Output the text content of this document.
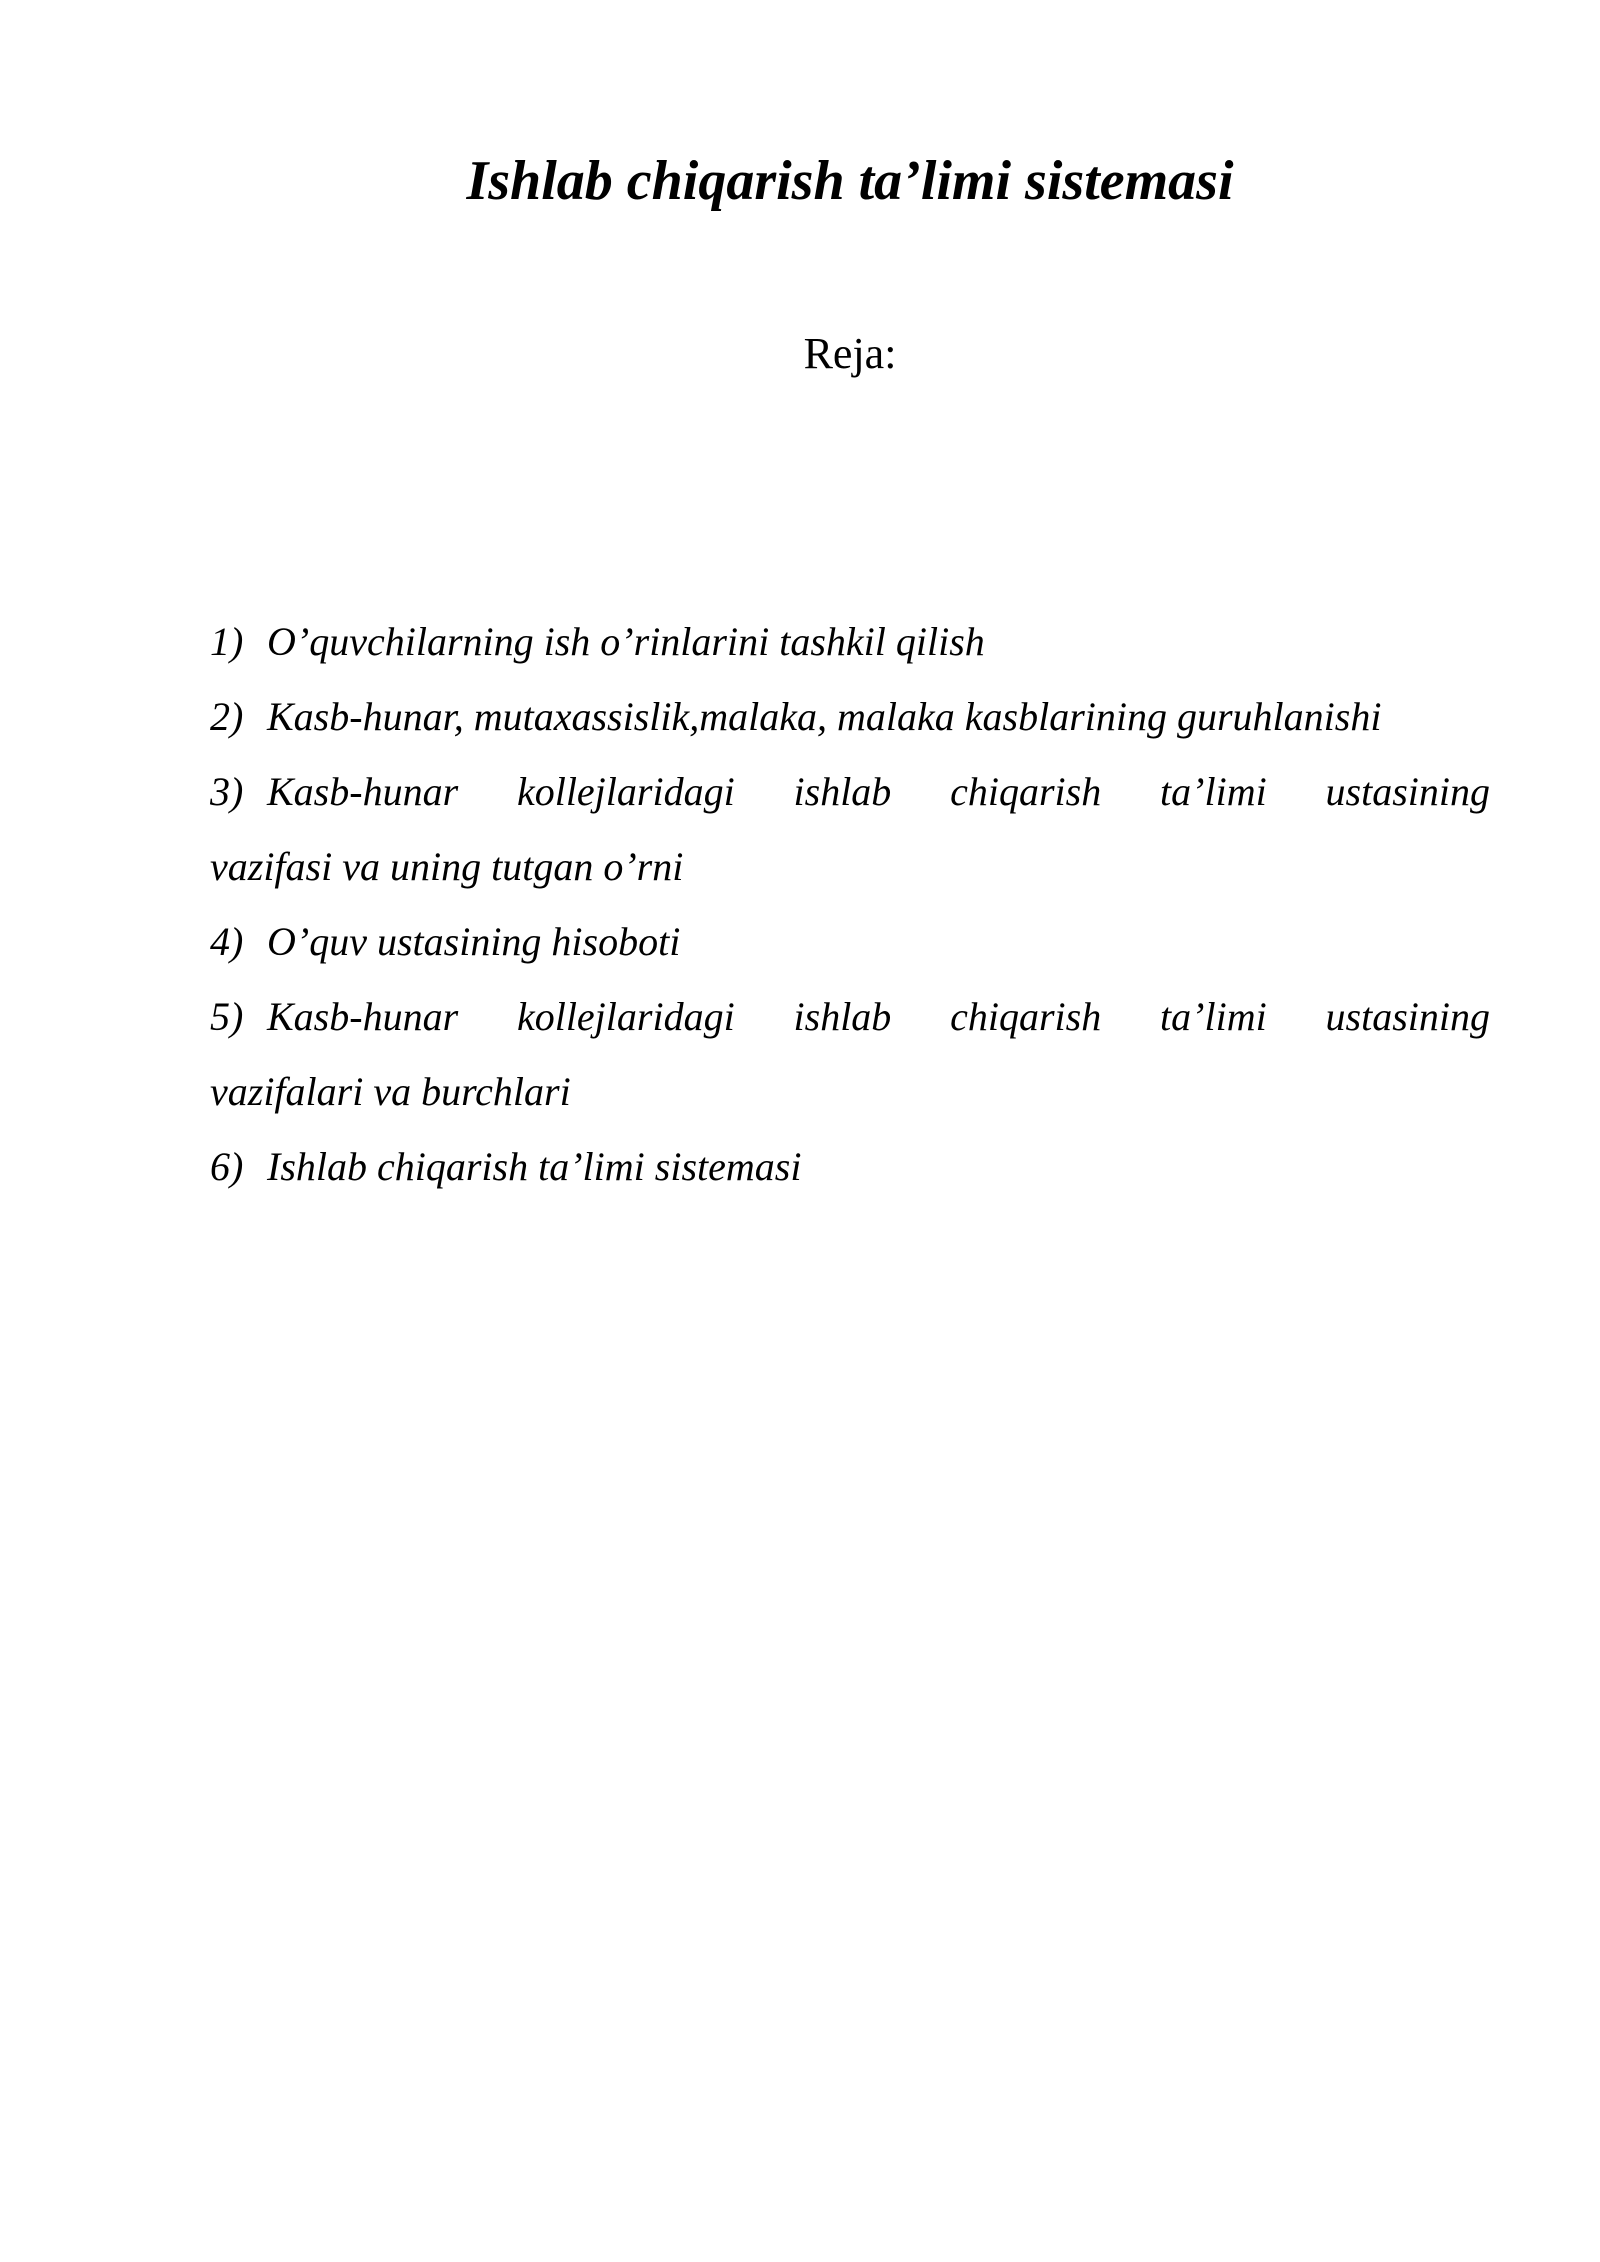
Ishlab chiqarish ta’limi sistemasi
Reja:
1) O’quvchilarning ish o’rinlarini tashkil qilish
2) Kasb-hunar, mutaxassislik,malaka, malaka kasblarining guruhlanishi
3) Kasb-hunar kollejlaridagi ishlab chiqarish ta’limi ustasining
vazifasi va uning tutgan o’rni
4) O’quv ustasining hisoboti
5) Kasb-hunar kollejlaridagi ishlab chiqarish ta’limi ustasining
vazifalari va burchlari
6) Ishlab chiqarish ta’limi sistemasi
